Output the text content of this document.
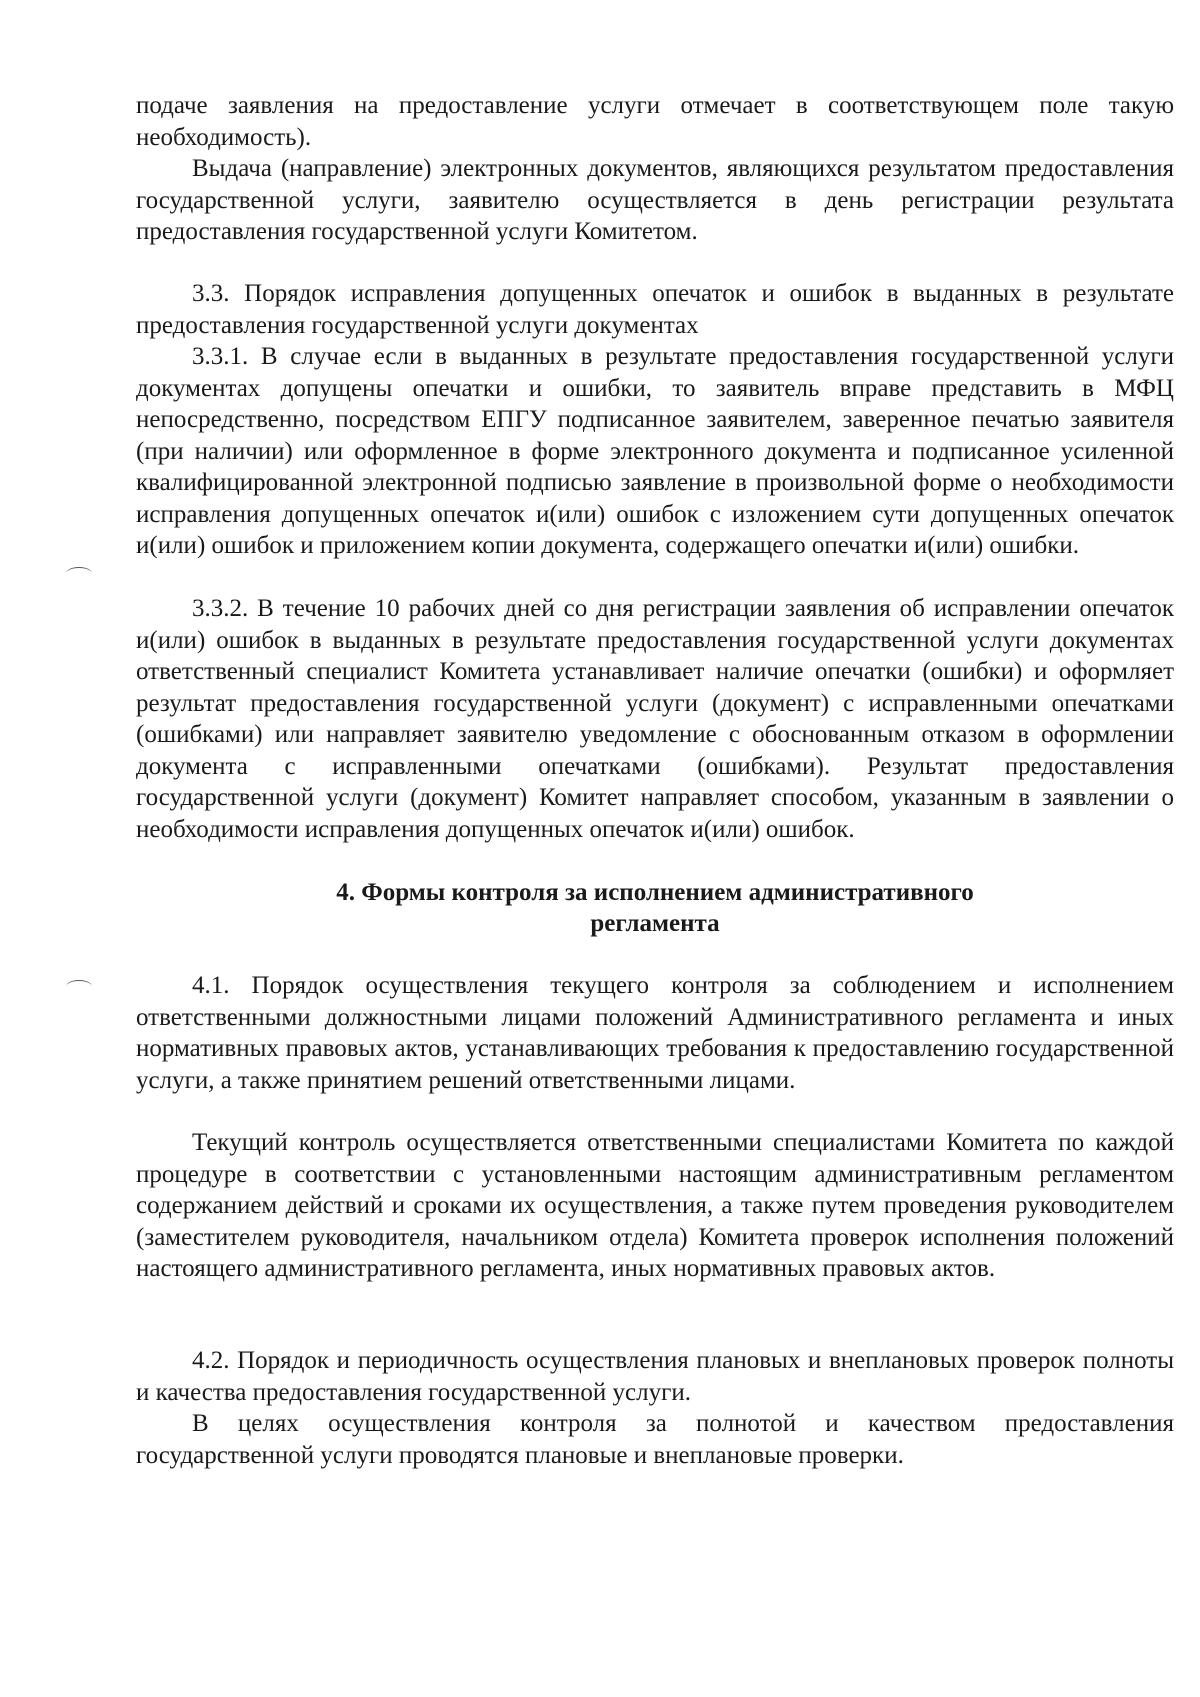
подаче заявления на предоставление услуги отмечает в соответствующем поле такую необходимость).

Выдача (направление) электронных документов, являющихся результатом предоставления государственной услуги, заявителю осуществляется в день регистрации результата предоставления государственной услуги Комитетом.

3.3. Порядок исправления допущенных опечаток и ошибок в выданных в результате предоставления государственной услуги документах

3.3.1. В случае если в выданных в результате предоставления государственной услуги документах допущены опечатки и ошибки, то заявитель вправе представить в МФЦ непосредственно, посредством ЕПГУ подписанное заявителем, заверенное печатью заявителя (при наличии) или оформленное в форме электронного документа и подписанное усиленной квалифицированной электронной подписью заявление в произвольной форме о необходимости исправления допущенных опечаток и(или) ошибок с изложением сути допущенных опечаток и(или) ошибок и приложением копии документа, содержащего опечатки и(или) ошибки.

3.3.2. В течение 10 рабочих дней со дня регистрации заявления об исправлении опечаток и(или) ошибок в выданных в результате предоставления государственной услуги документах ответственный специалист Комитета устанавливает наличие опечатки (ошибки) и оформляет результат предоставления государственной услуги (документ) с исправленными опечатками (ошибками) или направляет заявителю уведомление с обоснованным отказом в оформлении документа с исправленными опечатками (ошибками). Результат предоставления государственной услуги (документ) Комитет направляет способом, указанным в заявлении о необходимости исправления допущенных опечаток и(или) ошибок.

4. Формы контроля за исполнением административного

регламента

4.1. Порядок осуществления текущего контроля за соблюдением и исполнением ответственными должностными лицами положений Административного регламента и иных нормативных правовых актов, устанавливающих требования к предоставлению государственной услуги, а также принятием решений ответственными лицами.

Текущий контроль осуществляется ответственными специалистами Комитета по каждой процедуре в соответствии с установленными настоящим административным регламентом содержанием действий и сроками их осуществления, а также путем проведения руководителем (заместителем руководителя, начальником отдела) Комитета проверок исполнения положений настоящего административного регламента, иных нормативных правовых актов.

4.2. Порядок и периодичность осуществления плановых и внеплановых проверок полноты и качества предоставления государственной услуги.

В целях осуществления контроля за полнотой и качеством предоставления государственной услуги проводятся плановые и внеплановые проверки.
